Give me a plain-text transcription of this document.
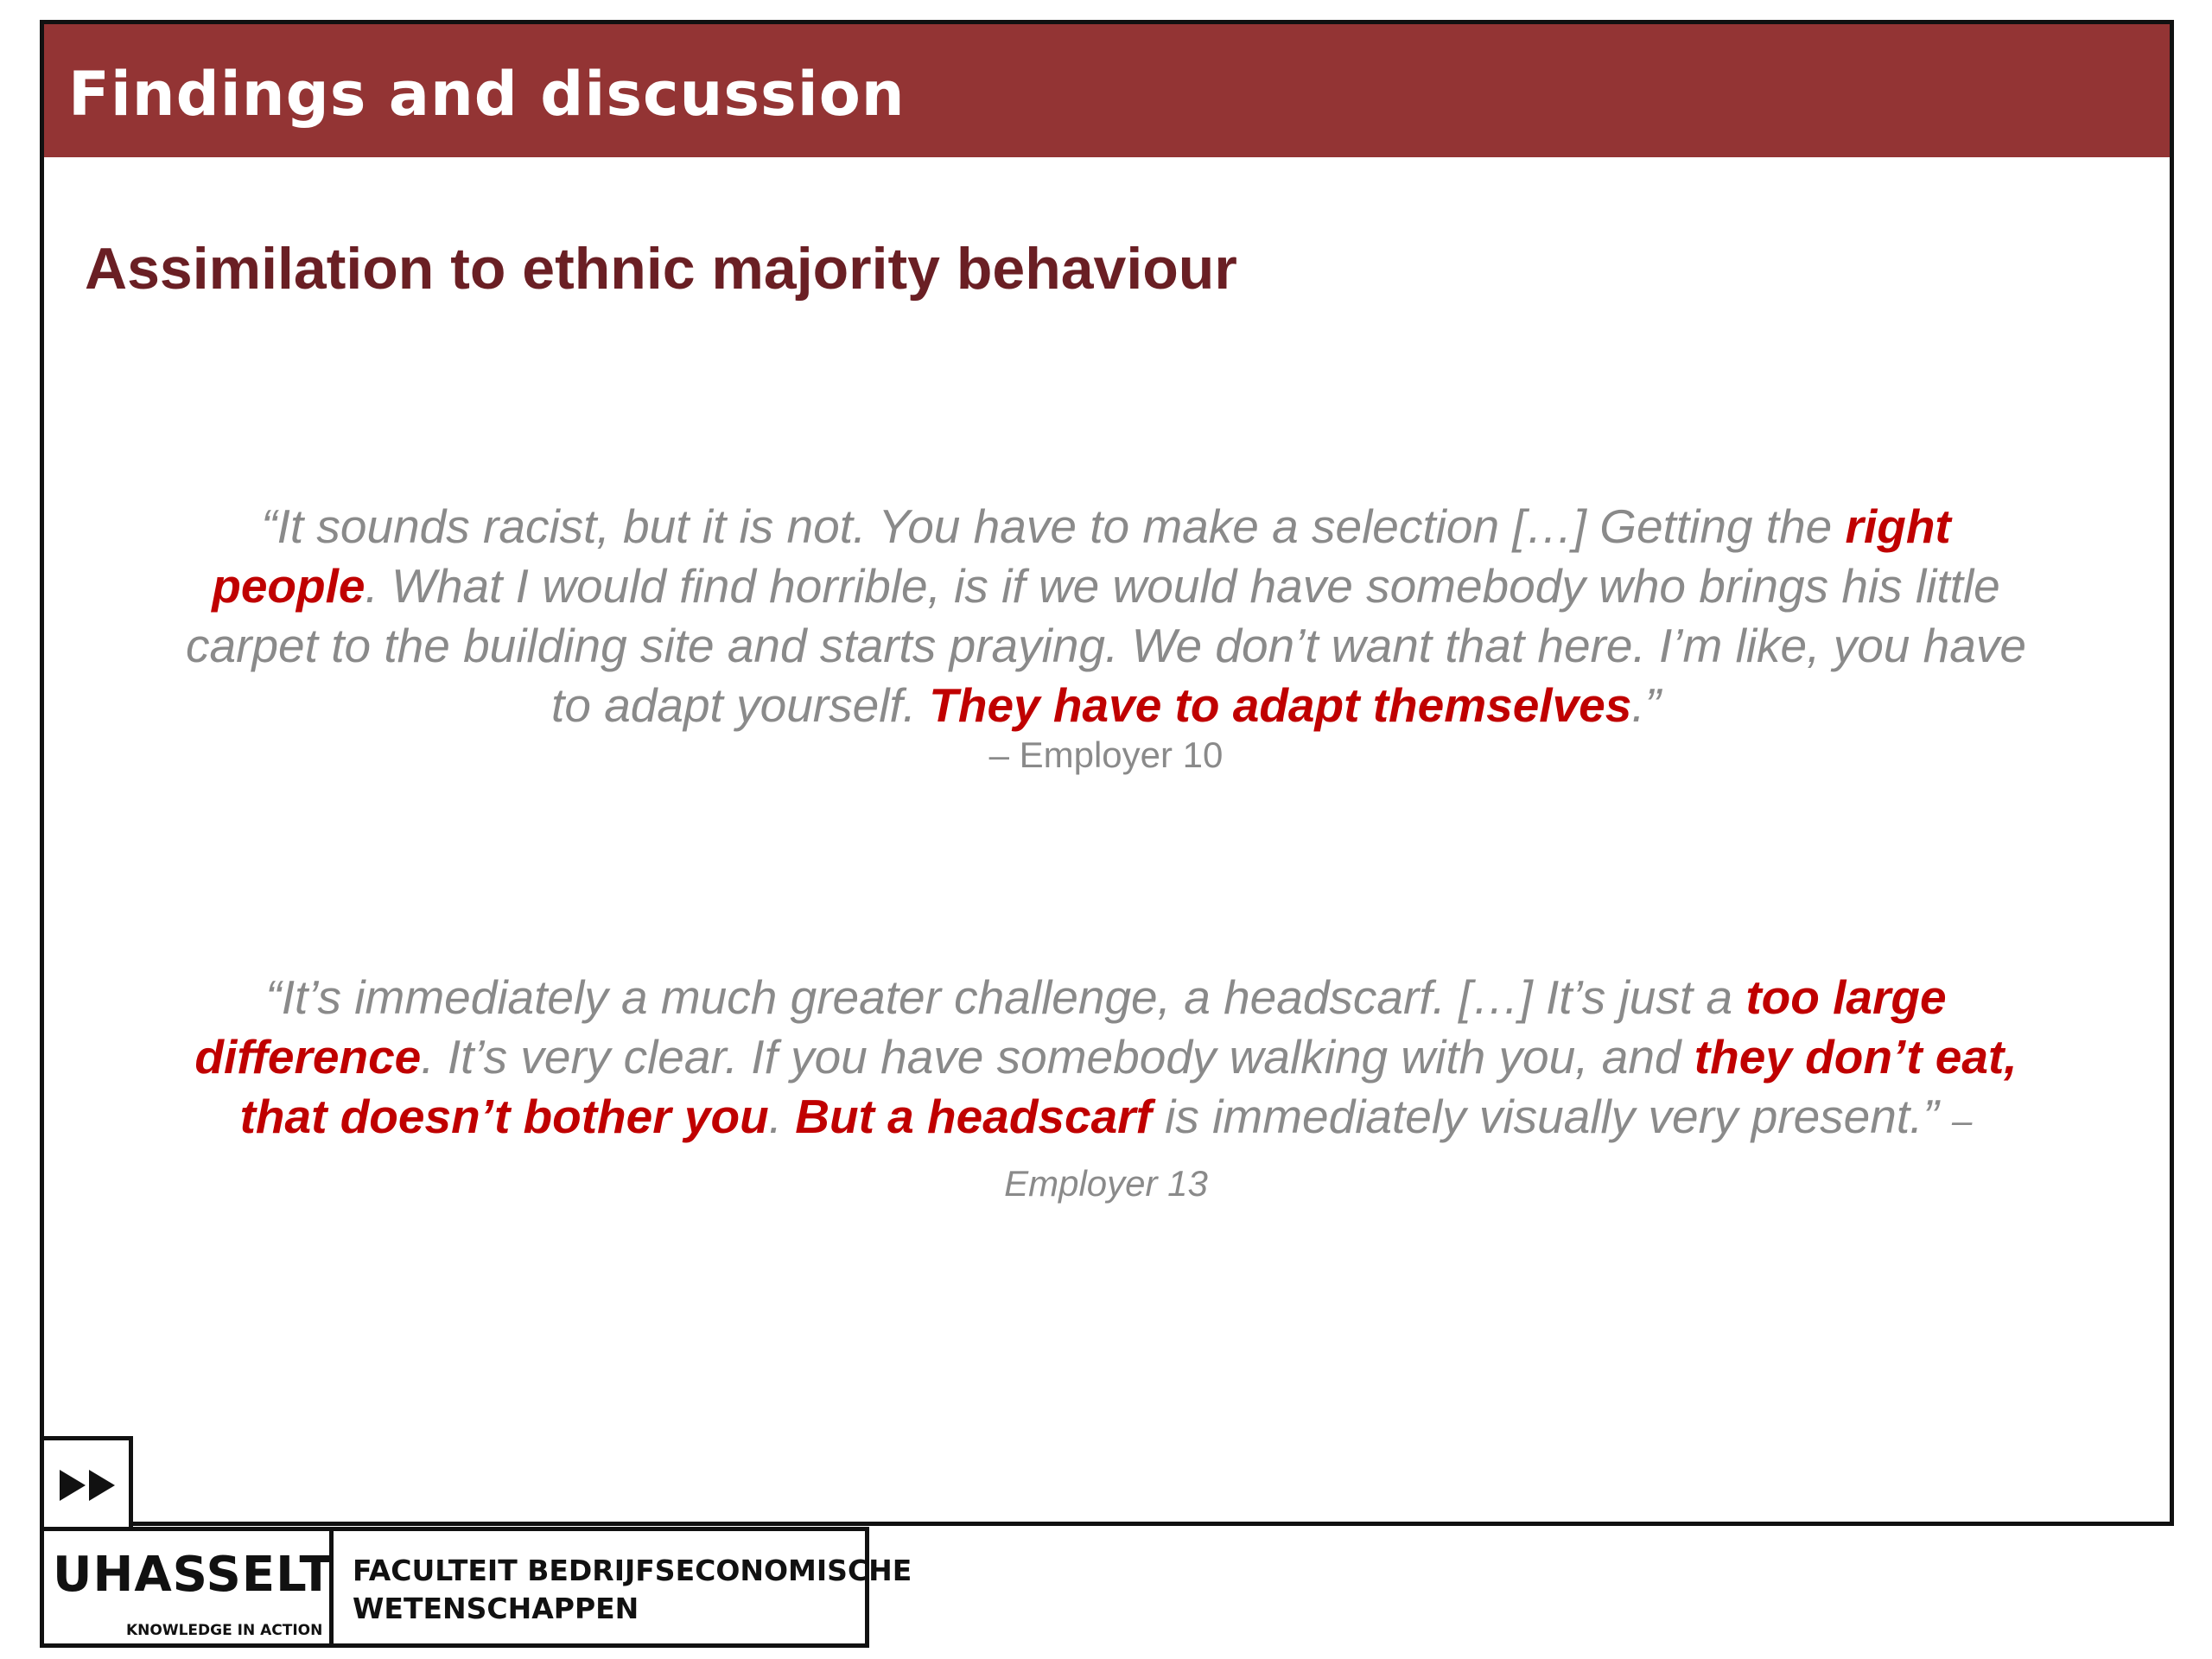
Findings and discussion
Assimilation to ethnic majority behaviour
“It sounds racist, but it is not. You have to make a selection […] Getting the right people. What I would find horrible, is if we would have somebody who brings his little carpet to the building site and starts praying. We don’t want that here. I’m like, you have to adapt yourself. They have to adapt themselves.”
– Employer 10
“It’s immediately a much greater challenge, a headscarf. […] It’s just a too large difference. It’s very clear. If you have somebody walking with you, and they don’t eat, that doesn’t bother you. But a headscarf is immediately visually very present.” – Employer 13
UHASSELT
KNOWLEDGE IN ACTION
FACULTEIT BEDRIJFSECONOMISCHE
WETENSCHAPPEN
